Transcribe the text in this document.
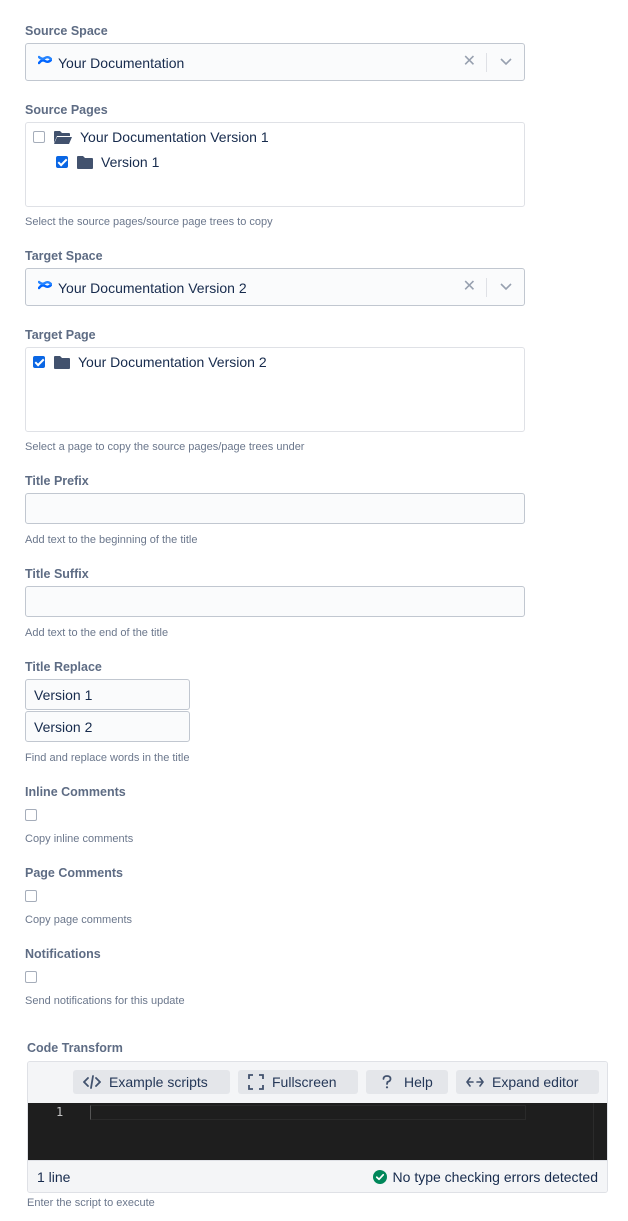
Source Space
Your Documentation	✕
Source Pages
Your Documentation Version 1
Version 1
Select the source pages/source page trees to copy
Target Space
Your Documentation Version 2	✕
Target Page
Your Documentation Version 2
Select a page to copy the source pages/page trees under
Title Prefix
Add text to the beginning of the title
Title Suffix
Add text to the end of the title
Title Replace
Version 1
Version 2
Find and replace words in the title
Inline Comments
Copy inline comments
Page Comments
Copy page comments
Notifications
Send notifications for this update
Code Transform
Example scripts	Fullscreen	Help	Expand editor
1
1 line	No type checking errors detected
Enter the script to execute
